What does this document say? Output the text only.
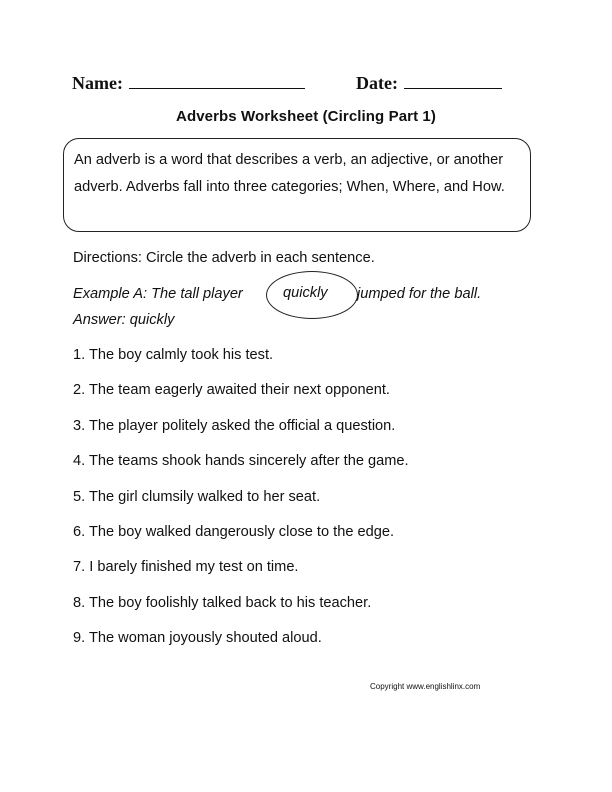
Name:	Date:
Adverbs Worksheet (Circling Part 1)
An adverb is a word that describes a verb, an adjective, or another adverb. Adverbs fall into three categories; When, Where, and How.
Directions: Circle the adverb in each sentence.
Example A: The tall player	jumped for the ball.
quickly
Answer: quickly
1. The boy calmly took his test.
2. The team eagerly awaited their next opponent.
3. The player politely asked the official a question.
4. The teams shook hands sincerely after the game.
5. The girl clumsily walked to her seat.
6. The boy walked dangerously close to the edge.
7. I barely finished my test on time.
8. The boy foolishly talked back to his teacher.
9. The woman joyously shouted aloud.
Copyright www.englishlinx.com
